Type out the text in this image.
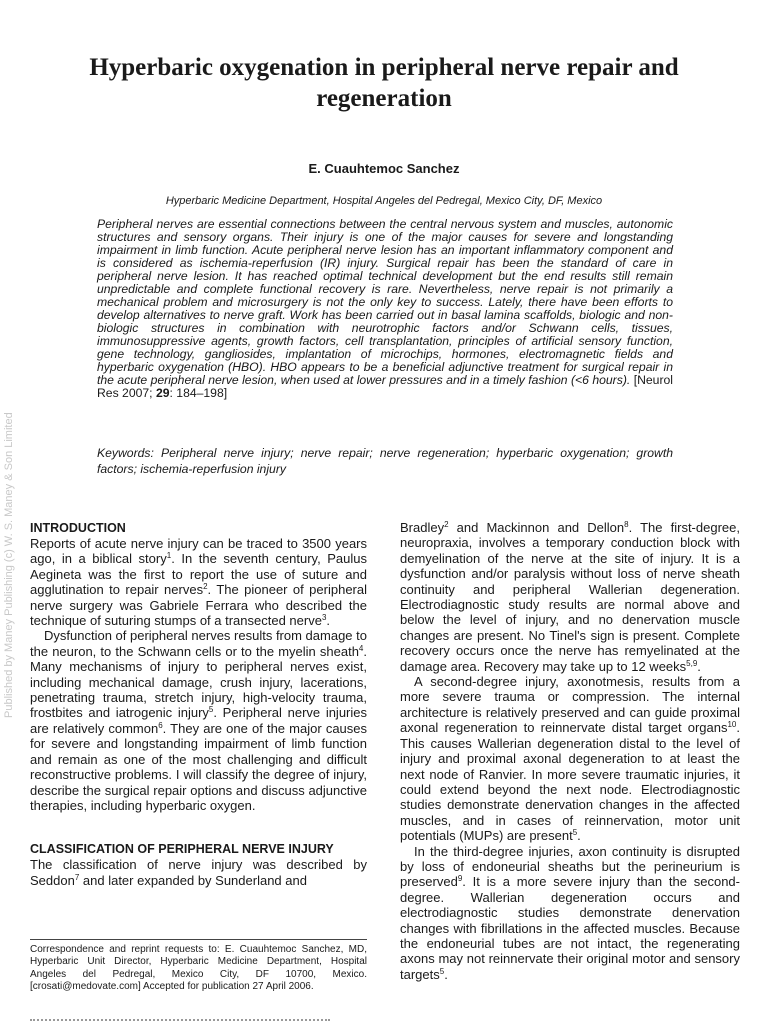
Hyperbaric oxygenation in peripheral nerve repair and regeneration
E. Cuauhtemoc Sanchez
Hyperbaric Medicine Department, Hospital Angeles del Pedregal, Mexico City, DF, Mexico

Peripheral nerves are essential connections between the central nervous system and muscles, autonomic structures and sensory organs. Their injury is one of the major causes for severe and longstanding impairment in limb function. Acute peripheral nerve lesion has an important inflammatory component and is considered as ischemia-reperfusion (IR) injury. Surgical repair has been the standard of care in peripheral nerve lesion. It has reached optimal technical development but the end results still remain unpredictable and complete functional recovery is rare. Nevertheless, nerve repair is not primarily a mechanical problem and microsurgery is not the only key to success. Lately, there have been efforts to develop alternatives to nerve graft. Work has been carried out in basal lamina scaffolds, biologic and non-biologic structures in combination with neurotrophic factors and/or Schwann cells, tissues, immunosuppressive agents, growth factors, cell transplantation, principles of artificial sensory function, gene technology, gangliosides, implantation of microchips, hormones, electromagnetic fields and hyperbaric oxygenation (HBO). HBO appears to be a beneficial adjunctive treatment for surgical repair in the acute peripheral nerve lesion, when used at lower pressures and in a timely fashion (<6 hours). [Neurol Res 2007; 29: 184–198]

Keywords: Peripheral nerve injury; nerve repair; nerve regeneration; hyperbaric oxygenation; growth factors; ischemia-reperfusion injury

Published by Maney Publishing (c) W. S. Maney & Son Limited INTRODUCTION

Reports of acute nerve injury can be traced to 3500 years ago, in a biblical story$^1$. In the seventh century, Paulus Aegineta was the first to report the use of suture and agglutination to repair nerves$^2$. The pioneer of peripheral nerve surgery was Gabriele Ferrara who described the technique of suturing stumps of a transected nerve$^3$.

Dysfunction of peripheral nerves results from damage to the neuron, to the Schwann cells or to the myelin sheath$^4$. Many mechanisms of injury to peripheral nerves exist, including mechanical damage, crush injury, lacerations, penetrating trauma, stretch injury, high-velocity trauma, frostbites and iatrogenic injury$^5$. Peripheral nerve injuries are relatively common$^6$. They are one of the major causes for severe and longstanding impairment of limb function and remain as one of the most challenging and difficult reconstructive problems. I will classify the degree of injury, describe the surgical repair options and discuss adjunctive therapies, including hyperbaric oxygen.

CLASSIFICATION OF PERIPHERAL NERVE INJURY

The classification of nerve injury was described by Seddon$^7$ and later expanded by Sunderland and

Correspondence and reprint requests to: E. Cuauhtemoc Sanchez, MD, Hyperbaric Unit Director, Hyperbaric Medicine Department, Hospital Angeles del Pedregal, Mexico City, DF 10700, Mexico. [crosati@medovate.com] Accepted for publication 27 April 2006.

Bradley$^2$ and Mackinnon and Dellon$^8$. The first-degree, neuropraxia, involves a temporary conduction block with demyelination of the nerve at the site of injury. It is a dysfunction and/or paralysis without loss of nerve sheath continuity and peripheral Wallerian degeneration. Electrodiagnostic study results are normal above and below the level of injury, and no denervation muscle changes are present. No Tinel's sign is present. Complete recovery occurs once the nerve has remyelinated at the damage area. Recovery may take up to 12 weeks$^{5,9}$.

A second-degree injury, axonotmesis, results from a more severe trauma or compression. The internal architecture is relatively preserved and can guide proximal axonal regeneration to reinnervate distal target organs$^{10}$. This causes Wallerian degeneration distal to the level of injury and proximal axonal degeneration to at least the next node of Ranvier. In more severe traumatic injuries, it could extend beyond the next node. Electrodiagnostic studies demonstrate denervation changes in the affected muscles, and in cases of reinnervation, motor unit potentials (MUPs) are present$^5$.

In the third-degree injuries, axon continuity is disrupted by loss of endoneurial sheaths but the perineurium is preserved$^9$. It is a more severe injury than the second-degree. Wallerian degeneration occurs and electrodiagnostic studies demonstrate denervation changes with fibrillations in the affected muscles. Because the endoneurial tubes are not intact, the regenerating axons may not reinnervate their original motor and sensory targets$^5$.
